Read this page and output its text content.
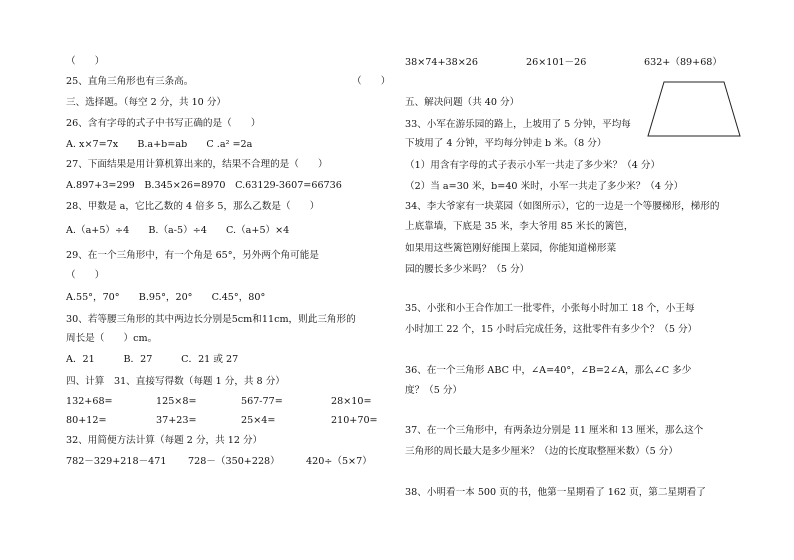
（　　）
25、直角三角形也有三条高。	（　　）
三、选择题。（每空 2 分，共 10 分）
26、含有字母的式子中书写正确的是（　　）
A. x×7=7x　　B.a+b=ab　　C .a² =2a
27、下面结果是用计算机算出来的，结果不合理的是（　　）
A.897+3=299　B.345×26=8970　C.63129-3607=66736
28、甲数是 a，它比乙数的 4 倍多 5，那么乙数是（　　）
A.（a+5）÷4　　B.（a-5）÷4　　C.（a+5）×4
29、在一个三角形中，有一个角是 65°，另外两个角可能是
（　　）
A.55°，70°　　B.95°，20°　　C.45°，80°
30、若等腰三角形的其中两边长分别是5cm和11cm，则此三角形的
周长是（　　）cm。
A．21　　　B．27　　　C．21 或 27
四、计算　31、直接写得数（每题 1 分，共 8 分）
132+68=	125×8=	567-77=	28×10=
80+12=	37+23=	25×4=	210+70=
32、用简便方法计算（每题 2 分，共 12 分）
782－329+218－471 728－（350+228）	420÷（5×7）
38×74+38×26	26×101－26	632+（89+68）
五、解决问题（共 40 分）
33、小军在游乐园的路上，上坡用了 5 分钟，平均每
下坡用了 4 分钟，平均每分钟走 b 米。（8 分）
（1）用含有字母的式子表示小军一共走了多少米？（4 分）
（2）当 a=30 米，b=40 米时，小军一共走了多少米？（4 分）
34、李大爷家有一块菜园（如图所示），它的一边是一个等腰梯形，梯形的
上底靠墙，下底是 35 米，李大爷用 85 米长的篱笆，
如果用这些篱笆刚好能围上菜园，你能知道梯形菜
园的腰长多少米吗？（5 分）
35、小张和小王合作加工一批零件，小张每小时加工 18 个，小王每
小时加工 22 个，15 小时后完成任务，这批零件有多少个？（5 分）
36、在一个三角形 ABC 中，∠A=40°，∠B=2∠A，那么∠C 多少
度？（5 分）
37、在一个三角形中，有两条边分别是 11 厘米和 13 厘米，那么这个
三角形的周长最大是多少厘米？（边的长度取整厘米数）（5 分）
38、小明看一本 500 页的书，他第一星期看了 162 页，第二星期看了
